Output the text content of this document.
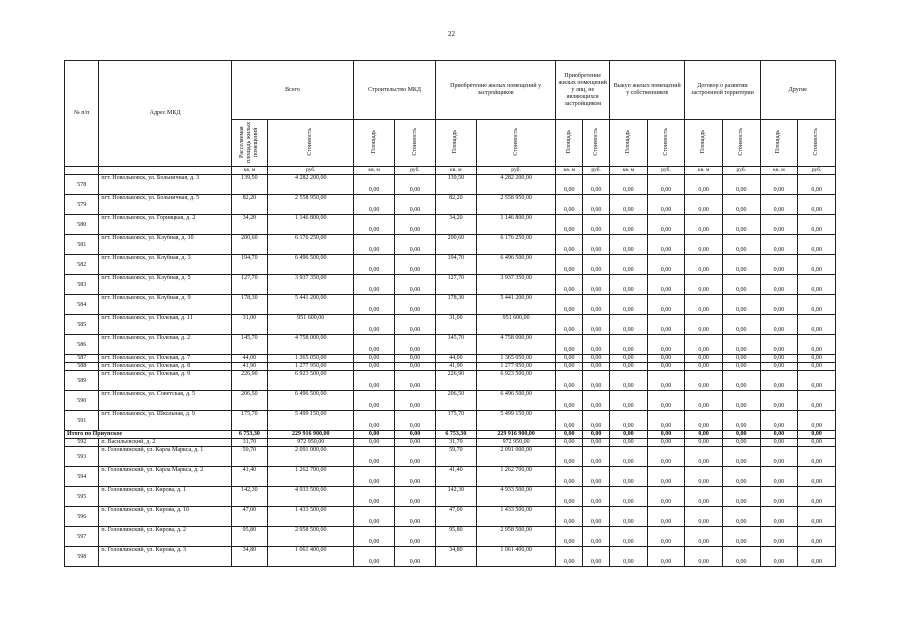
22
№ п/п	Адрес МКД	Всего		Строительство МКД		Приобретение жилых помещений у застройщиков		Приобретение жилых помещений у лиц, не являющихся застройщиком		Выкуп жилых помещений у собственников		Договор о развитии застроенной территории		Другие	
		Расселяемая площадь жилых помещений	Стоимость	Площадь	Стоимость	Площадь	Стоимость	Площадь	Стоимость	Площадь	Стоимость	Площадь	Стоимость	Площадь	Стоимость
		кв. м	руб.	кв. м	руб.	кв. м	руб.	кв. м	руб.	кв. м	руб.	кв. м	руб.	кв. м	руб.
578	пгт. Новольвовск, ул. Больничная, д. 3	139,50	4 282 200,00	0,00	0,00	139,50	4 282 200,00	0,00	0,00	0,00	0,00	0,00	0,00	0,00	0,00
579	пгт. Новольвовск, ул. Больничная, д. 5	82,20	2 558 950,00	0,00	0,00	82,20	2 558 950,00	0,00	0,00	0,00	0,00	0,00	0,00	0,00	0,00
580	пгт. Новольвовск, ул. Горняцкая, д. 2	34,20	1 146 800,00	0,00	0,00	34,20	1 146 800,00	0,00	0,00	0,00	0,00	0,00	0,00	0,00	0,00
581	пгт. Новольвовск, ул. Клубная, д. 10	200,60	6 176 250,00	0,00	0,00	200,60	6 176 250,00	0,00	0,00	0,00	0,00	0,00	0,00	0,00	0,00
582	пгт. Новольвовск, ул. Клубная, д. 3	194,70	6 496 500,00	0,00	0,00	194,70	6 496 500,00	0,00	0,00	0,00	0,00	0,00	0,00	0,00	0,00
583	пгт. Новольвовск, ул. Клубная, д. 5	127,70	3 937 350,00	0,00	0,00	127,70	3 937 350,00	0,00	0,00	0,00	0,00	0,00	0,00	0,00	0,00
584	пгт. Новольвовск, ул. Клубная, д. 9	178,30	5 441 200,00	0,00	0,00	178,30	5 441 200,00	0,00	0,00	0,00	0,00	0,00	0,00	0,00	0,00
585	пгт. Новольвовск, ул. Полевая, д. 11	31,00	951 600,00	0,00	0,00	31,00	951 600,00	0,00	0,00	0,00	0,00	0,00	0,00	0,00	0,00
586	пгт. Новольвовск, ул. Полевая, д. 2	145,70	4 758 000,00	0,00	0,00	145,70	4 758 000,00	0,00	0,00	0,00	0,00	0,00	0,00	0,00	0,00
587	пгт. Новольвовск, ул. Полевая, д. 7	44,00	1 365 050,00	0,00	0,00	44,00	1 365 050,00	0,00	0,00	0,00	0,00	0,00	0,00	0,00	0,00
588	пгт. Новольвовск, ул. Полевая, д. 8	41,90	1 277 950,00	0,00	0,00	41,90	1 277 950,00	0,00	0,00	0,00	0,00	0,00	0,00	0,00	0,00
589	пгт. Новольвовск, ул. Полевая, д. 9	226,90	6 923 500,00	0,00	0,00	226,90	6 923 500,00	0,00	0,00	0,00	0,00	0,00	0,00	0,00	0,00
590	пгт. Новольвовск, ул. Советская, д. 5	206,50	6 496 500,00	0,00	0,00	206,50	6 496 500,00	0,00	0,00	0,00	0,00	0,00	0,00	0,00	0,00
591	пгт. Новольвовск, ул. Школьная, д. 9	175,70	5 499 150,00	0,00	0,00	175,70	5 499 150,00	0,00	0,00	0,00	0,00	0,00	0,00	0,00	0,00
Итого по Приупское		6 753,30	229 916 900,00	0,00	0,00	6 753,30	229 916 900,00	0,00	0,00	0,00	0,00	0,00	0,00	0,00	0,00
592	п. Васильевский, д. 2	31,70	972 950,00	0,00	0,00	31,70	972 950,00	0,00	0,00	0,00	0,00	0,00	0,00	0,00	0,00
593	п. Головлинский, ул. Карла Маркса, д. 1	59,70	2 091 000,00	0,00	0,00	59,70	2 091 000,00	0,00	0,00	0,00	0,00	0,00	0,00	0,00	0,00
594	п. Головлинский, ул. Карла Маркса, д. 2	41,40	1 262 700,00	0,00	0,00	41,40	1 262 700,00	0,00	0,00	0,00	0,00	0,00	0,00	0,00	0,00
595	п. Головлинский, ул. Кирова, д. 1	142,30	4 933 500,00	0,00	0,00	142,30	4 933 500,00	0,00	0,00	0,00	0,00	0,00	0,00	0,00	0,00
596	п. Головлинский, ул. Кирова, д. 10	47,00	1 433 500,00	0,00	0,00	47,00	1 433 500,00	0,00	0,00	0,00	0,00	0,00	0,00	0,00	0,00
597	п. Головлинский, ул. Кирова, д. 2	95,80	2 958 500,00	0,00	0,00	95,80	2 958 500,00	0,00	0,00	0,00	0,00	0,00	0,00	0,00	0,00
598	п. Головлинский, ул. Кирова, д. 3	34,80	1 061 400,00	0,00	0,00	34,80	1 061 400,00	0,00	0,00	0,00	0,00	0,00	0,00	0,00	0,00
